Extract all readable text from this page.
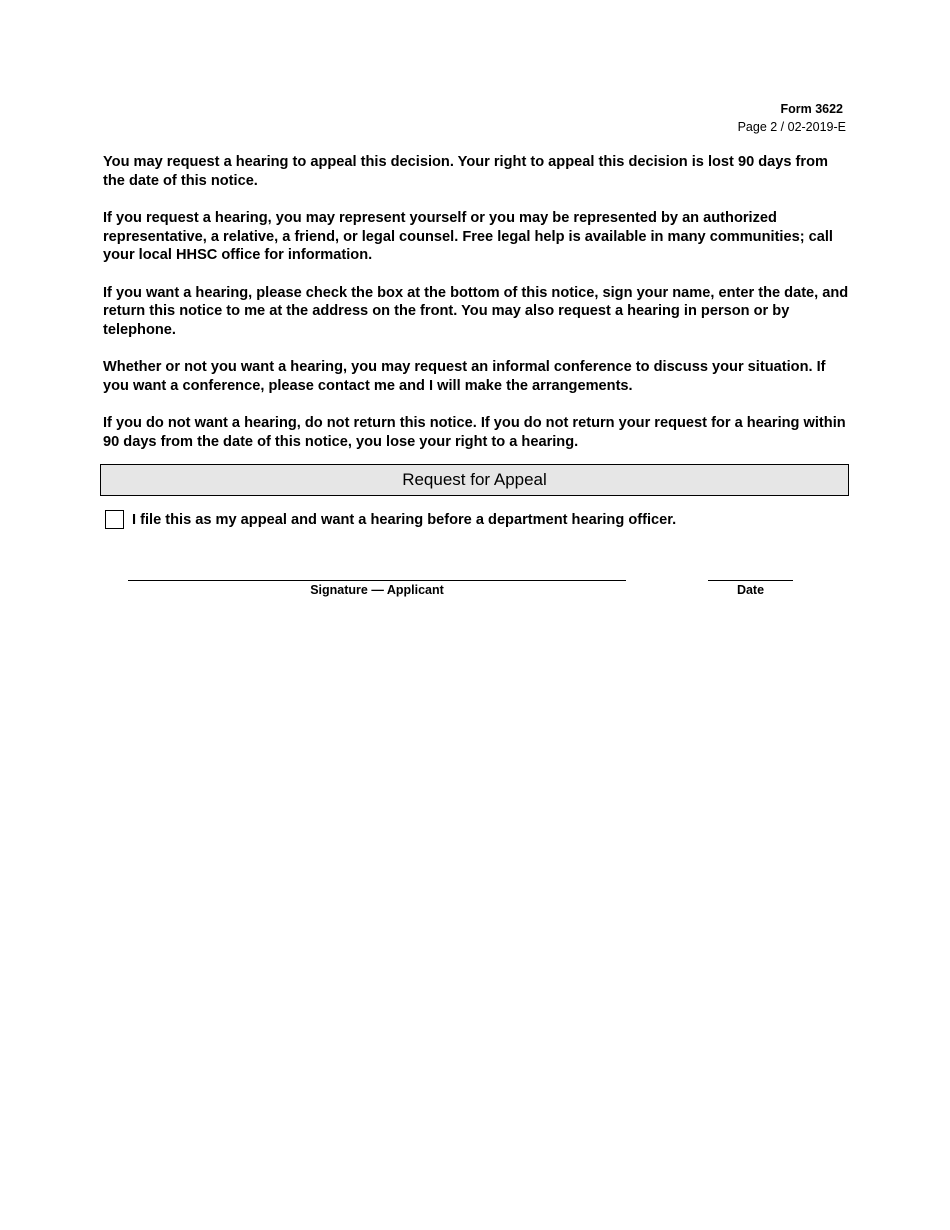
Form 3622
Page 2 / 02-2019-E

You may request a hearing to appeal this decision. Your right to appeal this decision is lost 90 days from the date of this notice.

If you request a hearing, you may represent yourself or you may be represented by an authorized representative, a relative, a friend, or legal counsel. Free legal help is available in many communities; call your local HHSC office for information.

If you want a hearing, please check the box at the bottom of this notice, sign your name, enter the date, and return this notice to me at the address on the front. You may also request a hearing in person or by telephone.

Whether or not you want a hearing, you may request an informal conference to discuss your situation. If you want a conference, please contact me and I will make the arrangements.

If you do not want a hearing, do not return this notice. If you do not return your request for a hearing within 90 days from the date of this notice, you lose your right to a hearing.

Request for Appeal
I file this as my appeal and want a hearing before a department hearing officer.
Signature — Applicant	Date
